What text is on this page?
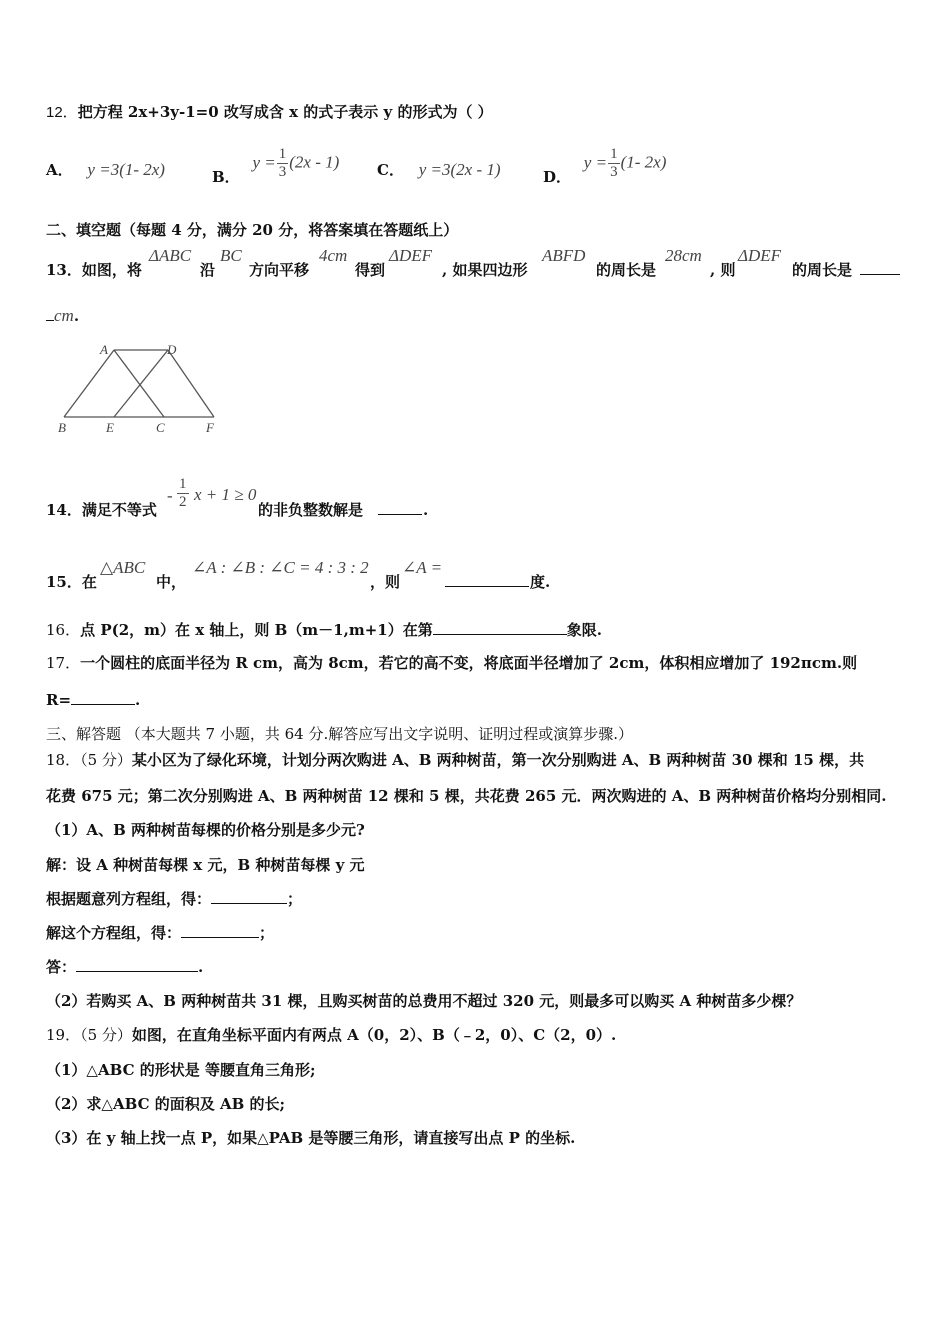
12．把方程 2x+3y-1=0 改写成含 x 的式子表示 y 的形式为（ ）
A． y =3(1- 2x)	B． $y = \frac{1}{3} (2x - 1)$	C． y =3(2x - 1)	D． $y = \frac{1}{3} (1-$ 2x)
二、填空题（每题 4 分，满分 20 分，将答案填在答题纸上）
13．如图，将
ΔABC
沿
BC
方向平移
4cm
得到
ΔDEF
, 如果四边形
ABFD
的周长是
28cm
, 则
ΔDEF
的周长是
cm.
A	D
B	E	C	F
14．满足不等式
- $\frac{1}{2}$ x + 1 ≥ 0
的非负整数解是	.
15．在
△ABC
中，
∠A : ∠B : ∠C = 4 : 3 : 2
，则
∠A =
度.
16．点 P(2，m）在 x 轴上，则 B（m－1,m+1）在第	象限.
17．一个圆柱的底面半径为 R cm，高为 8cm，若它的高不变，将底面半径增加了 2cm，体积相应增加了 192πcm.则
R=	.
三、解答题 （本大题共 7 小题，共 64 分.解答应写出文字说明、证明过程或演算步骤.）
18．（5 分）某小区为了绿化环境，计划分两次购进 A、B 两种树苗，第一次分别购进 A、B 两种树苗 30 棵和 15 棵，共
花费 675 元；第二次分别购进 A、B 两种树苗 12 棵和 5 棵，共花费 265 元．两次购进的 A、B 两种树苗价格均分别相同.
（1）A、B 两种树苗每棵的价格分别是多少元?
解：设 A 种树苗每棵 x 元，B 种树苗每棵 y 元
根据题意列方程组，得：	；
解这个方程组，得：	；
答：	.
（2）若购买 A、B 两种树苗共 31 棵，且购买树苗的总费用不超过 320 元，则最多可以购买 A 种树苗多少棵？
19．（5 分）如图，在直角坐标平面内有两点 A（0，2）、B（﹣2，0）、C（2，0）.
（1）△ABC 的形状是 等腰直角三角形;
（2）求△ABC 的面积及 AB 的长;
（3）在 y 轴上找一点 P，如果△PAB 是等腰三角形，请直接写出点 P 的坐标.
